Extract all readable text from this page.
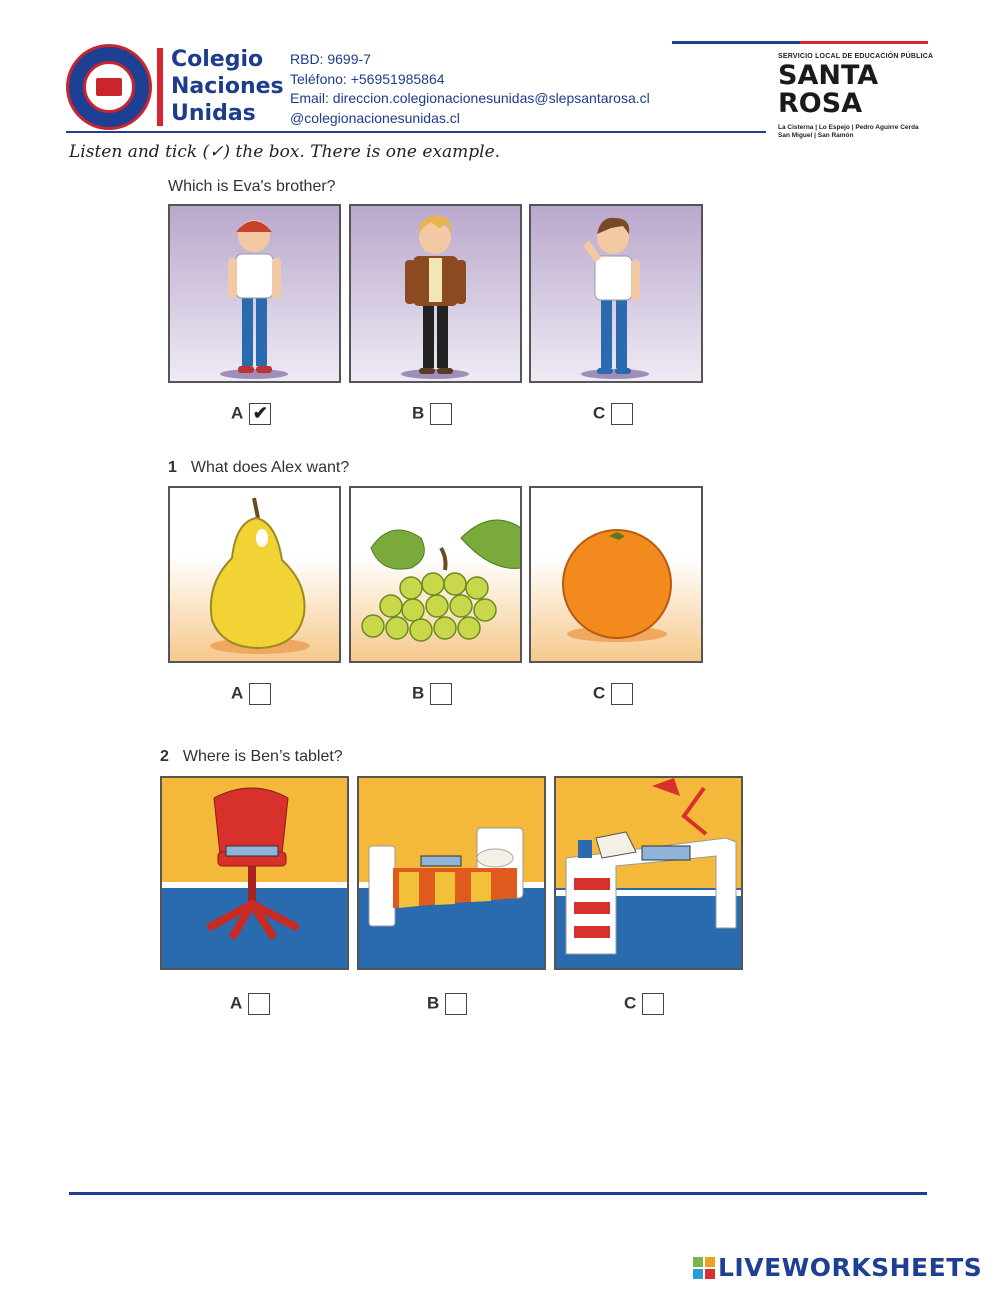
Colegio
Naciones
Unidas
RBD: 9699-7
Teléfono: +56951985864
Email: direccion.colegionacionesunidas@slepsantarosa.cl
@colegionacionesunidas.cl
SERVICIO LOCAL DE EDUCACIÓN PÚBLICA
SANTA
ROSA
La Cisterna | Lo Espejo | Pedro Aguirre Cerda
San Miguel | San Ramón
Listen and tick (✓) the box. There is one example.
Which is Eva's brother?
A ✔	B	C
1 What does Alex want?
A	B	C
2 Where is Ben’s tablet?
A	B	C
LIVEWORKSHEETS
